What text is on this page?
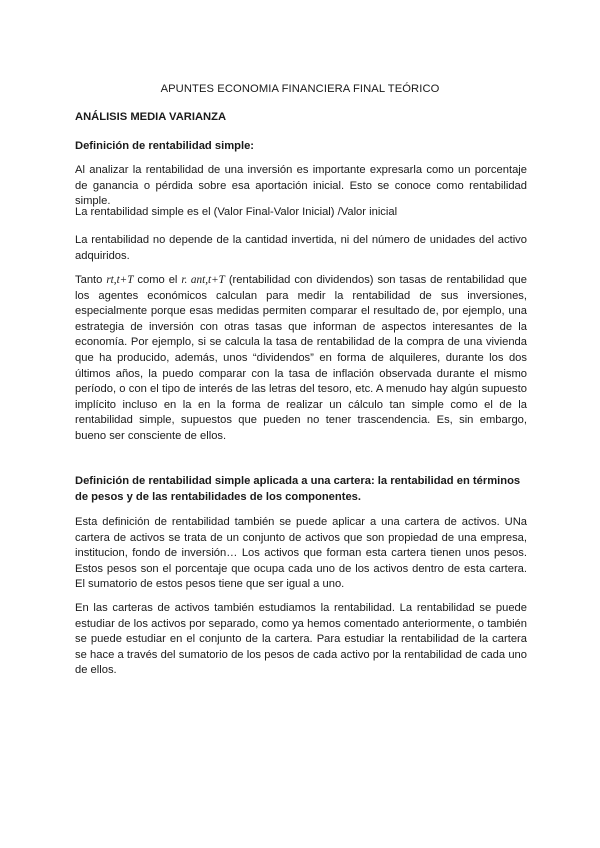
APUNTES ECONOMIA FINANCIERA FINAL TEÓRICO
ANÁLISIS MEDIA VARIANZA
Definición de rentabilidad simple:
Al analizar la rentabilidad de una inversión es importante expresarla como un porcentaje de ganancia o pérdida sobre esa aportación inicial. Esto se conoce como rentabilidad simple.
La rentabilidad simple es el (Valor Final-Valor Inicial) /Valor inicial
La rentabilidad no depende de la cantidad invertida, ni del número de unidades del activo adquiridos.
Tanto rt,t+T como el r. ant,t+T (rentabilidad con dividendos) son tasas de rentabilidad que los agentes económicos calculan para medir la rentabilidad de sus inversiones, especialmente porque esas medidas permiten comparar el resultado de, por ejemplo, una estrategia de inversión con otras tasas que informan de aspectos interesantes de la economía. Por ejemplo, si se calcula la tasa de rentabilidad de la compra de una vivienda que ha producido, además, unos “dividendos” en forma de alquileres, durante los dos últimos años, la puedo comparar con la tasa de inflación observada durante el mismo período, o con el tipo de interés de las letras del tesoro, etc. A menudo hay algún supuesto implícito incluso en la en la forma de realizar un cálculo tan simple como el de la rentabilidad simple, supuestos que pueden no tener trascendencia. Es, sin embargo, bueno ser consciente de ellos.
Definición de rentabilidad simple aplicada a una cartera: la rentabilidad en términos de pesos y de las rentabilidades de los componentes.
Esta definición de rentabilidad también se puede aplicar a una cartera de activos. UNa cartera de activos se trata de un conjunto de activos que son propiedad de una empresa, institucion, fondo de inversión… Los activos que forman esta cartera tienen unos pesos. Estos pesos son el porcentaje que ocupa cada uno de los activos dentro de esta cartera. El sumatorio de estos pesos tiene que ser igual a uno.
En las carteras de activos también estudiamos la rentabilidad. La rentabilidad se puede estudiar de los activos por separado, como ya hemos comentado anteriormente, o también se puede estudiar en el conjunto de la cartera. Para estudiar la rentabilidad de la cartera se hace a través del sumatorio de los pesos de cada activo por la rentabilidad de cada uno de ellos.
